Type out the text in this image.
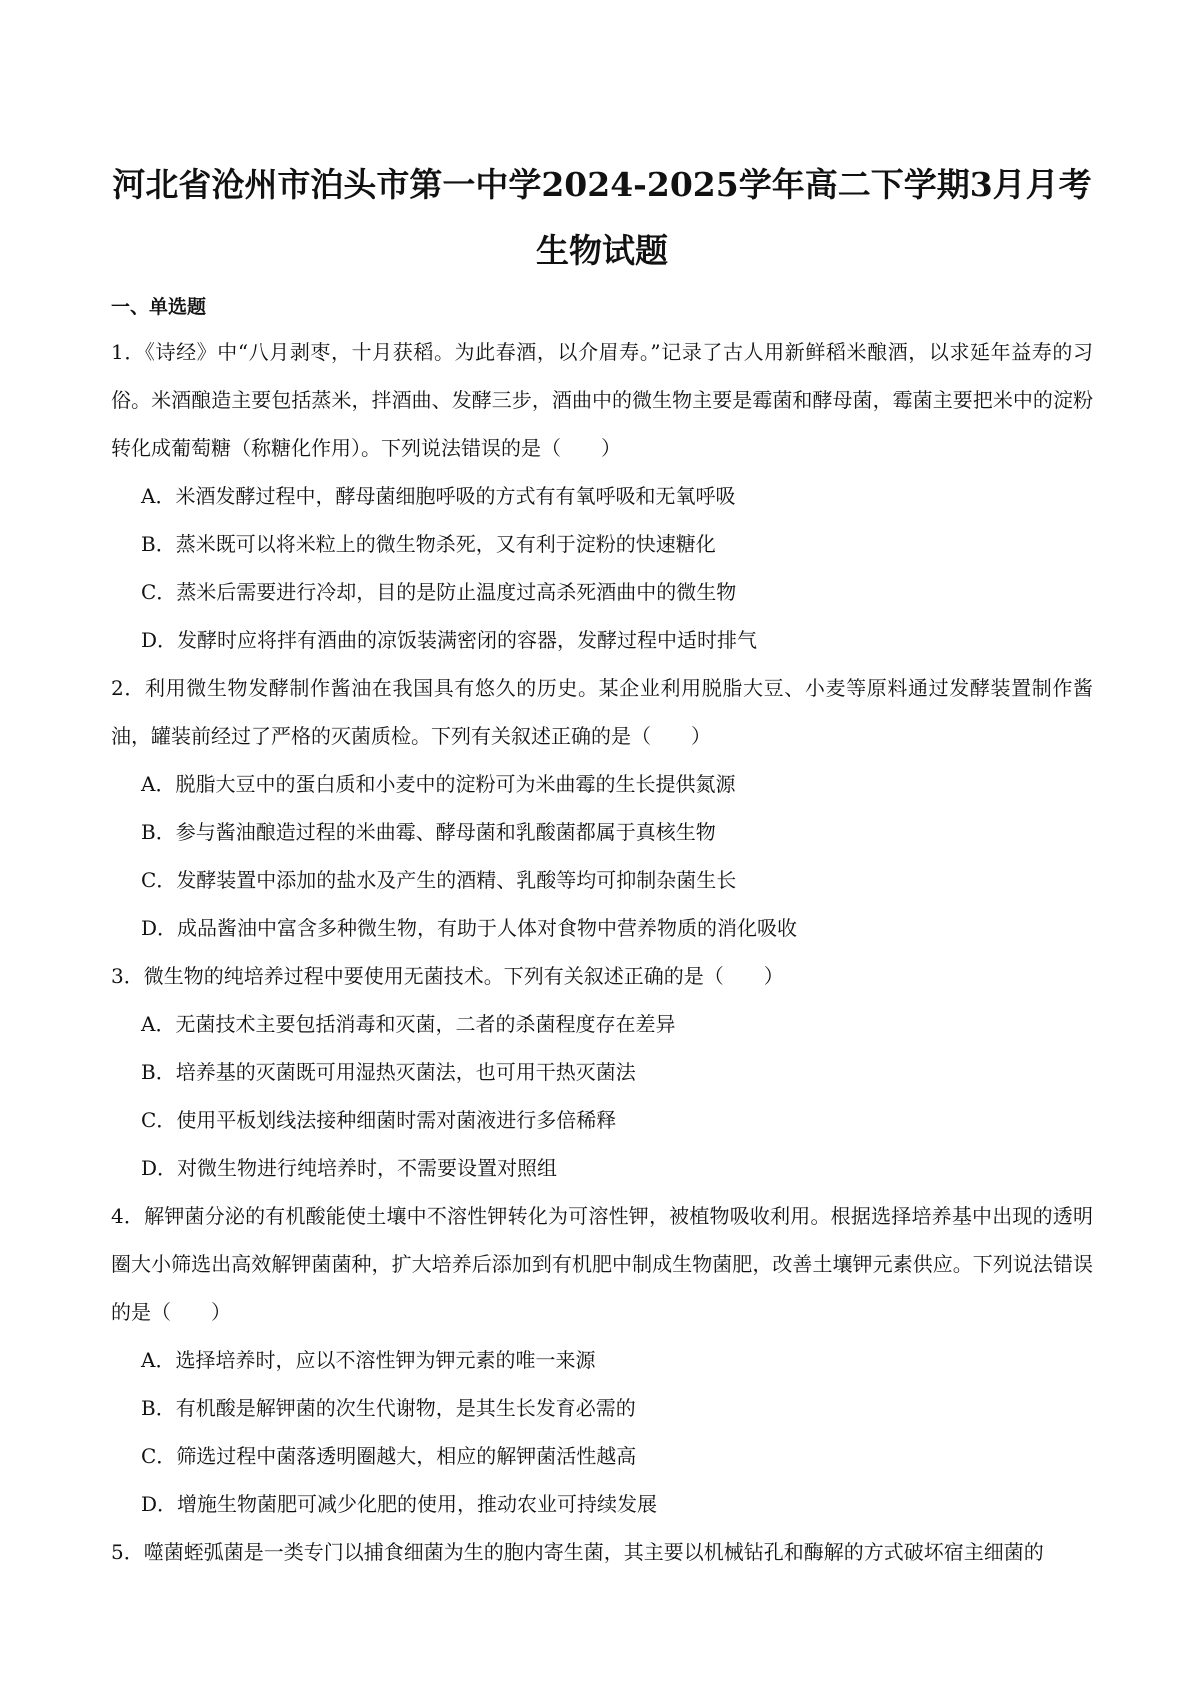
河北省沧州市泊头市第一中学2024-2025学年高二下学期3月月考生物试题
一、单选题

1．《诗经》中“八月剥枣，十月获稻。为此春酒，以介眉寿。”记录了古人用新鲜稻米酿酒，以求延年益寿的习俗。米酒酿造主要包括蒸米，拌酒曲、发酵三步，酒曲中的微生物主要是霉菌和酵母菌，霉菌主要把米中的淀粉转化成葡萄糖（称糖化作用）。下列说法错误的是（　　）

A．米酒发酵过程中，酵母菌细胞呼吸的方式有有氧呼吸和无氧呼吸
B．蒸米既可以将米粒上的微生物杀死，又有利于淀粉的快速糖化
C．蒸米后需要进行冷却，目的是防止温度过高杀死酒曲中的微生物
D．发酵时应将拌有酒曲的凉饭装满密闭的容器，发酵过程中适时排气

2．利用微生物发酵制作酱油在我国具有悠久的历史。某企业利用脱脂大豆、小麦等原料通过发酵装置制作酱油，罐装前经过了严格的灭菌质检。下列有关叙述正确的是（　　）

A．脱脂大豆中的蛋白质和小麦中的淀粉可为米曲霉的生长提供氮源
B．参与酱油酿造过程的米曲霉、酵母菌和乳酸菌都属于真核生物
C．发酵装置中添加的盐水及产生的酒精、乳酸等均可抑制杂菌生长
D．成品酱油中富含多种微生物，有助于人体对食物中营养物质的消化吸收

3．微生物的纯培养过程中要使用无菌技术。下列有关叙述正确的是（　　）

A．无菌技术主要包括消毒和灭菌，二者的杀菌程度存在差异
B．培养基的灭菌既可用湿热灭菌法，也可用干热灭菌法
C．使用平板划线法接种细菌时需对菌液进行多倍稀释
D．对微生物进行纯培养时，不需要设置对照组

4．解钾菌分泌的有机酸能使土壤中不溶性钾转化为可溶性钾，被植物吸收利用。根据选择培养基中出现的透明圈大小筛选出高效解钾菌菌种，扩大培养后添加到有机肥中制成生物菌肥，改善土壤钾元素供应。下列说法错误的是（　　）

A．选择培养时，应以不溶性钾为钾元素的唯一来源
B．有机酸是解钾菌的次生代谢物，是其生长发育必需的
C．筛选过程中菌落透明圈越大，相应的解钾菌活性越高
D．增施生物菌肥可减少化肥的使用，推动农业可持续发展

5．噬菌蛭弧菌是一类专门以捕食细菌为生的胞内寄生菌，其主要以机械钻孔和酶解的方式破坏宿主细菌的
